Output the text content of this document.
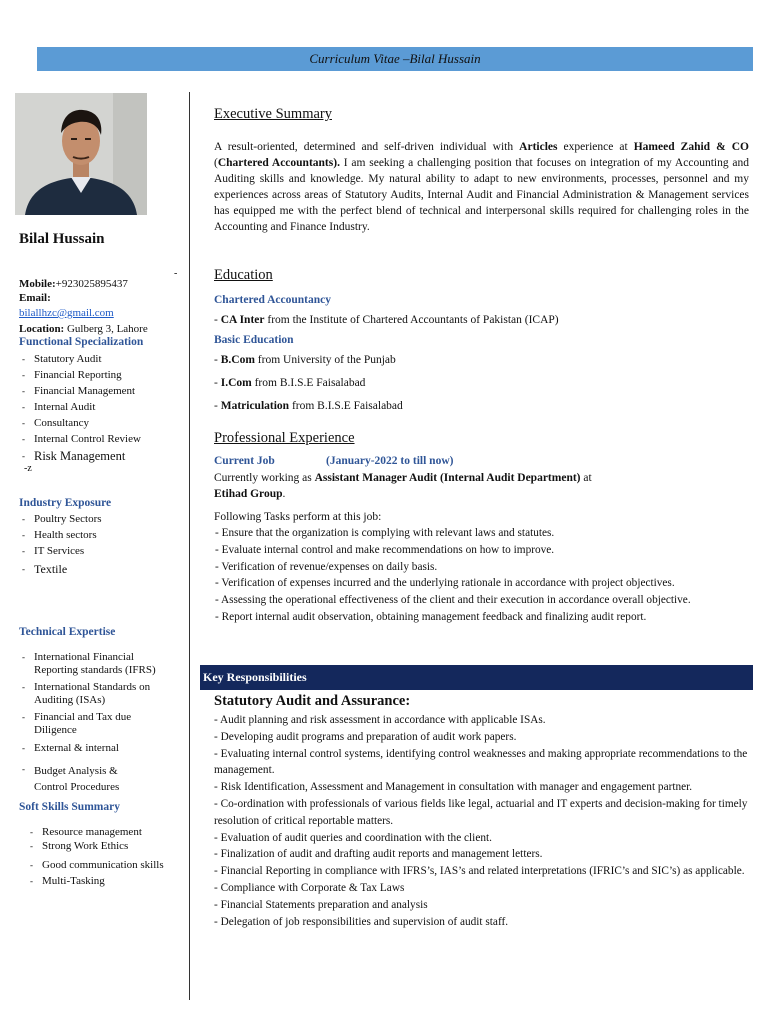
Curriculum Vitae –Bilal Hussain
Bilal Hussain
Mobile:+923025895437
-
Email:
bilallhzc@gmail.com
Location: Gulberg 3, Lahore
Functional Specialization
- Statutory Audit
- Financial Reporting
- Financial Management
- Internal Audit
- Consultancy
- Internal Control Review
- Risk Management
-z
Industry Exposure
- Poultry Sectors
- Health sectors
- IT Services
- Textile
Technical Expertise
- International Financial Reporting standards (IFRS)
- International Standards on Auditing (ISAs)
- Financial and Tax due Diligence
- External & internal
- Budget Analysis & Control Procedures
Soft Skills Summary
- Resource management
- Strong Work Ethics
- Good communication skills
- Multi-Tasking
Executive Summary
A result-oriented, determined and self-driven individual with Articles experience at Hameed Zahid & CO (Chartered Accountants). I am seeking a challenging position that focuses on integration of my Accounting and Auditing skills and knowledge. My natural ability to adapt to new environments, processes, personnel and my experiences across areas of Statutory Audits, Internal Audit and Financial Administration & Management services has equipped me with the perfect blend of technical and interpersonal skills required for challenging roles in the Accounting and Finance Industry.
Education
Chartered Accountancy
- CA Inter from the Institute of Chartered Accountants of Pakistan (ICAP)
Basic Education
- B.Com from University of the Punjab
- I.Com from B.I.S.E Faisalabad
- Matriculation from B.I.S.E Faisalabad
Professional Experience
Current Job	(January-2022 to till now)
Currently working as Assistant Manager Audit (Internal Audit Department) at
Etihad Group.
Following Tasks perform at this job:
- Ensure that the organization is complying with relevant laws and statutes.
- Evaluate internal control and make recommendations on how to improve.
- Verification of revenue/expenses on daily basis.
- Verification of expenses incurred and the underlying rationale in accordance with project objectives.
- Assessing the operational effectiveness of the client and their execution in accordance overall objective.
- Report internal audit observation, obtaining management feedback and finalizing audit report.
Key Responsibilities
Statutory Audit and Assurance:
- Audit planning and risk assessment in accordance with applicable ISAs.
- Developing audit programs and preparation of audit work papers.
- Evaluating internal control systems, identifying control weaknesses and making appropriate recommendations to the management.
- Risk Identification, Assessment and Management in consultation with manager and engagement partner.
- Co-ordination with professionals of various fields like legal, actuarial and IT experts and decision-making for timely resolution of critical reportable matters.
- Evaluation of audit queries and coordination with the client.
- Finalization of audit and drafting audit reports and management letters.
- Financial Reporting in compliance with IFRS’s, IAS’s and related interpretations (IFRIC’s and SIC’s) as applicable.
- Compliance with Corporate & Tax Laws
- Financial Statements preparation and analysis
- Delegation of job responsibilities and supervision of audit staff.
